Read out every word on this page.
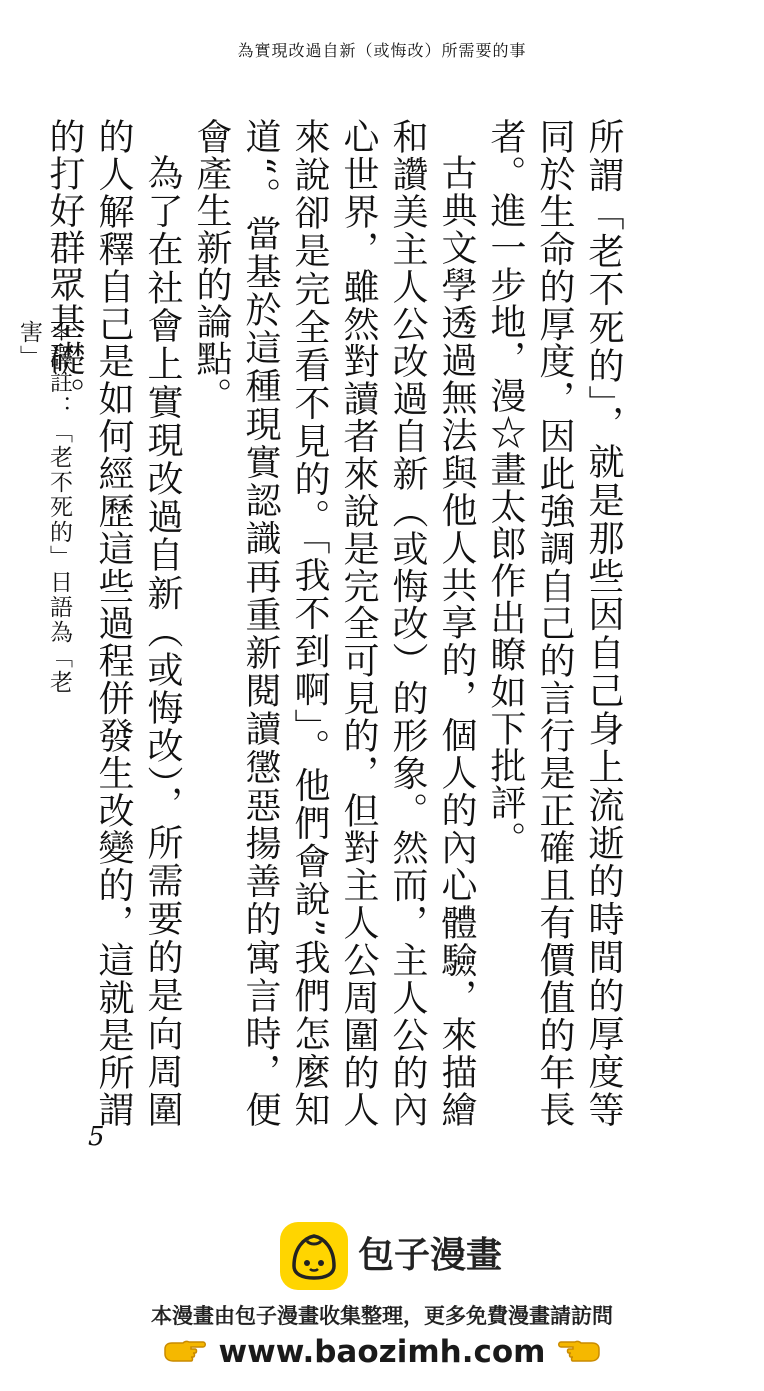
為實現改過自新（或悔改）所需要的事

所謂「老不死的」，就是那些因自己身上流逝的時間的厚度等同於生命的厚度，因此強調自己的言行是正確且有價值的年長者。進一步地，漫☆畫太郎作出瞭如下批評。

古典文學透過無法與他人共享的，個人的內心體驗，來描繪和讚美主人公改過自新（或悔改）的形象。然而，主人公的內心世界，雖然對讀者來說是完全可見的，但對主人公周圍的人來說卻是完全看不見的。「我不到啊」。他們會說”我們怎麼知道“。當基於這種現實認識再重新閱讀懲惡揚善的寓言時，便會產生新的論點。

為了在社會上實現改過自新（或悔改），所需要的是向周圍的人解釋自己是如何經歷這些過程併發生改變的，這就是所謂的打好群眾基礎。

＊譯註：「老不死的」日語為「老害」
5
包子漫畫
本漫畫由包子漫畫收集整理，更多免費漫畫請訪問
www.baozimh.com
